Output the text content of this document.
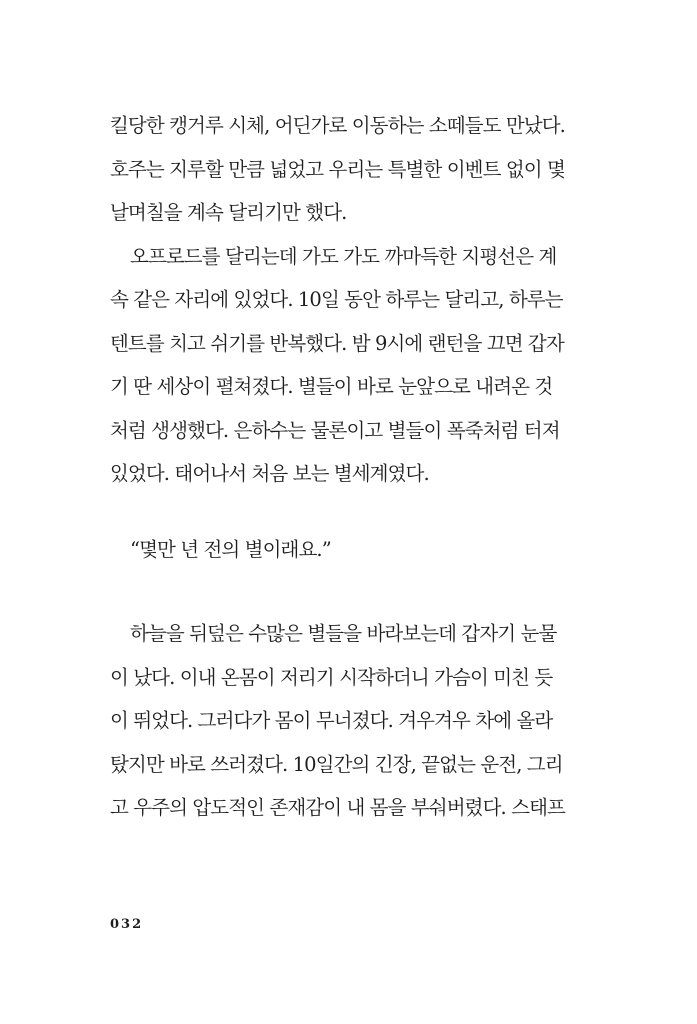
킬당한 캥거루 시체, 어딘가로 이동하는 소떼들도 만났다.
호주는 지루할 만큼 넓었고 우리는 특별한 이벤트 없이 몇
날며칠을 계속 달리기만 했다.
오프로드를 달리는데 가도 가도 까마득한 지평선은 계
속 같은 자리에 있었다. 10일 동안 하루는 달리고, 하루는
텐트를 치고 쉬기를 반복했다. 밤 9시에 랜턴을 끄면 갑자
기 딴 세상이 펼쳐졌다. 별들이 바로 눈앞으로 내려온 것
처럼 생생했다. 은하수는 물론이고 별들이 폭죽처럼 터져
있었다. 태어나서 처음 보는 별세계였다.
“몇만 년 전의 별이래요.”
하늘을 뒤덮은 수많은 별들을 바라보는데 갑자기 눈물
이 났다. 이내 온몸이 저리기 시작하더니 가슴이 미친 듯
이 뛰었다. 그러다가 몸이 무너졌다. 겨우겨우 차에 올라
탔지만 바로 쓰러졌다. 10일간의 긴장, 끝없는 운전, 그리
고 우주의 압도적인 존재감이 내 몸을 부숴버렸다. 스태프
032
